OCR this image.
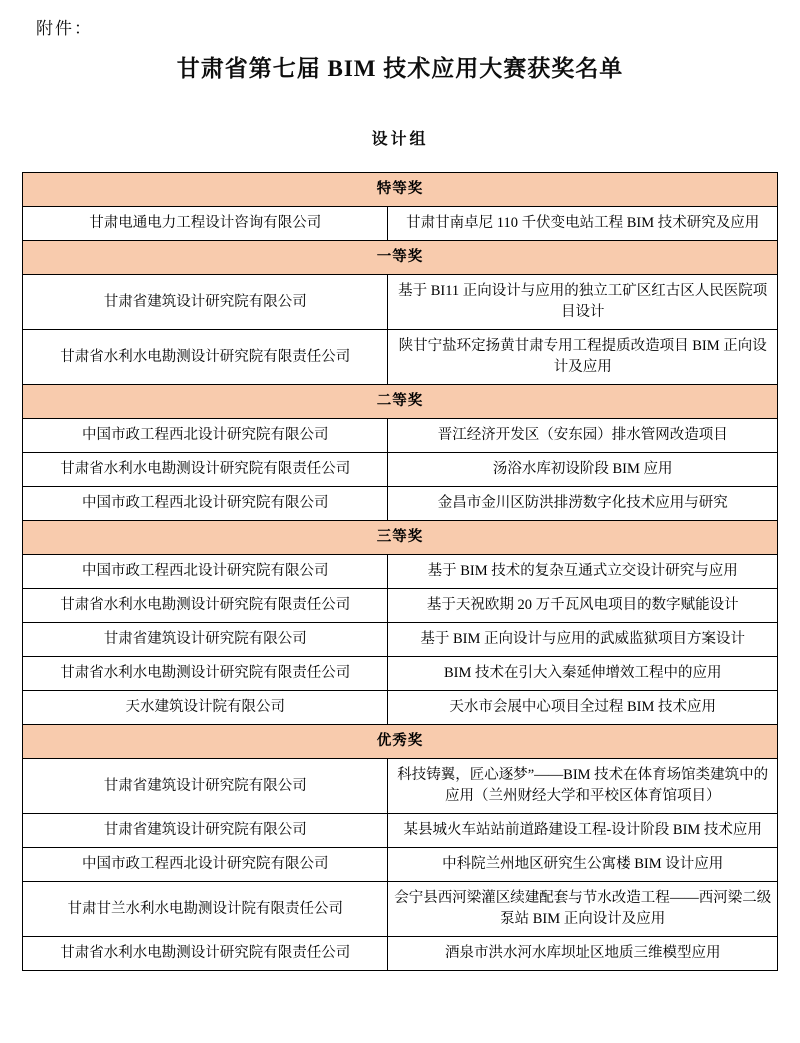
附件：
甘肃省第七届 BIM 技术应用大赛获奖名单
设计组
特等奖	
甘肃电通电力工程设计咨询有限公司	甘肃甘南卓尼 110 千伏变电站工程 BIM 技术研究及应用
一等奖	
甘肃省建筑设计研究院有限公司	基于 BI11 正向设计与应用的独立工矿区红古区人民医院项目设计
甘肃省水利水电勘测设计研究院有限责任公司	陕甘宁盐环定扬黄甘肃专用工程提质改造项目 BIM 正向设计及应用
二等奖	
中国市政工程西北设计研究院有限公司	晋江经济开发区（安东园）排水管网改造项目
甘肃省水利水电勘测设计研究院有限责任公司	汤浴水库初设阶段 BIM 应用
中国市政工程西北设计研究院有限公司	金昌市金川区防洪排涝数字化技术应用与研究
三等奖	
中国市政工程西北设计研究院有限公司	基于 BIM 技术的复杂互通式立交设计研究与应用
甘肃省水利水电勘测设计研究院有限责任公司	基于天祝欧期 20 万千瓦风电项目的数字赋能设计
甘肃省建筑设计研究院有限公司	基于 BIM 正向设计与应用的武威监狱项目方案设计
甘肃省水利水电勘测设计研究院有限责任公司	BIM 技术在引大入秦延伸增效工程中的应用
天水建筑设计院有限公司	天水市会展中心项目全过程 BIM 技术应用
优秀奖	
甘肃省建筑设计研究院有限公司	科技铸翼，匠心逐梦”——BIM 技术在体育场馆类建筑中的应用（兰州财经大学和平校区体育馆项目）
甘肃省建筑设计研究院有限公司	某县城火车站站前道路建设工程-设计阶段 BIM 技术应用
中国市政工程西北设计研究院有限公司	中科院兰州地区研究生公寓楼 BIM 设计应用
甘肃甘兰水利水电勘测设计院有限责任公司	会宁县西河梁灌区续建配套与节水改造工程——西河梁二级泵站 BIM 正向设计及应用
甘肃省水利水电勘测设计研究院有限责任公司	酒泉市洪水河水库坝址区地质三维模型应用
